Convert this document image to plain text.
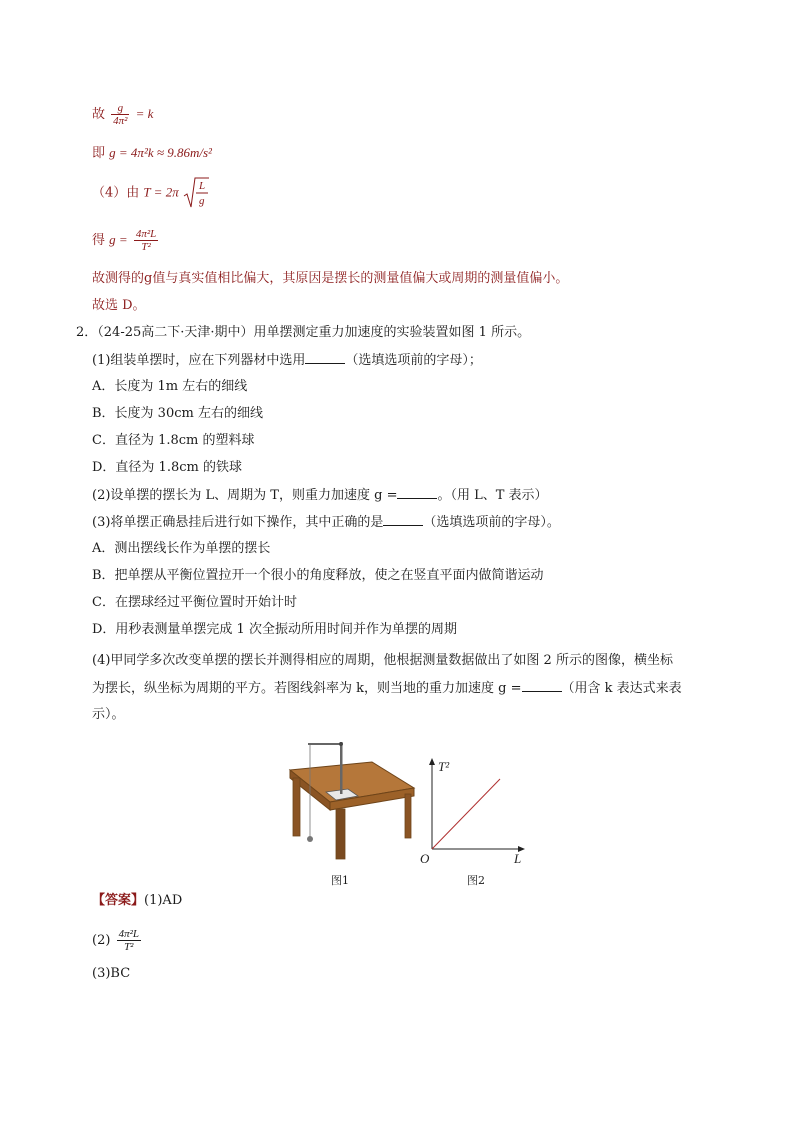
故 $\frac{g}{\text{4π²}} = k$
即 g = 4π²k ≈ 9.86m/s²
（4）由 T = 2π L
g
得 $g = \frac{\text{4π²L}}{\text{T²}}$
故测得的g值与真实值相比偏大，其原因是摆长的测量值偏大或周期的测量值偏小。
故选 D。
2．（24-25高二下·天津·期中）用单摆测定重力加速度的实验装置如图 1 所示。
(1)组装单摆时，应在下列器材中选用	（选填选项前的字母）；
A．长度为 1m 左右的细线
B．长度为 30cm 左右的细线
C．直径为 1.8cm 的塑料球
D．直径为 1.8cm 的铁球
(2)设单摆的摆长为 L、周期为 T，则重力加速度 g =	。（用 L、T 表示）
(3)将单摆正确悬挂后进行如下操作，其中正确的是	（选填选项前的字母）。
A．测出摆线长作为单摆的摆长
B．把单摆从平衡位置拉开一个很小的角度释放，使之在竖直平面内做简谐运动
C．在摆球经过平衡位置时开始计时
D．用秒表测量单摆完成 1 次全振动所用时间并作为单摆的周期
(4)甲同学多次改变单摆的摆长并测得相应的周期，他根据测量数据做出了如图 2 所示的图像，横坐标
为摆长，纵坐标为周期的平方。若图线斜率为 k，则当地的重力加速度 g =	（用含 k 表达式来表
示）。
T²
L
O
图1	图2
【答案】(1)AD
$(2) \frac{\text{4π²L}}{\text{T²}}$
(3)BC
